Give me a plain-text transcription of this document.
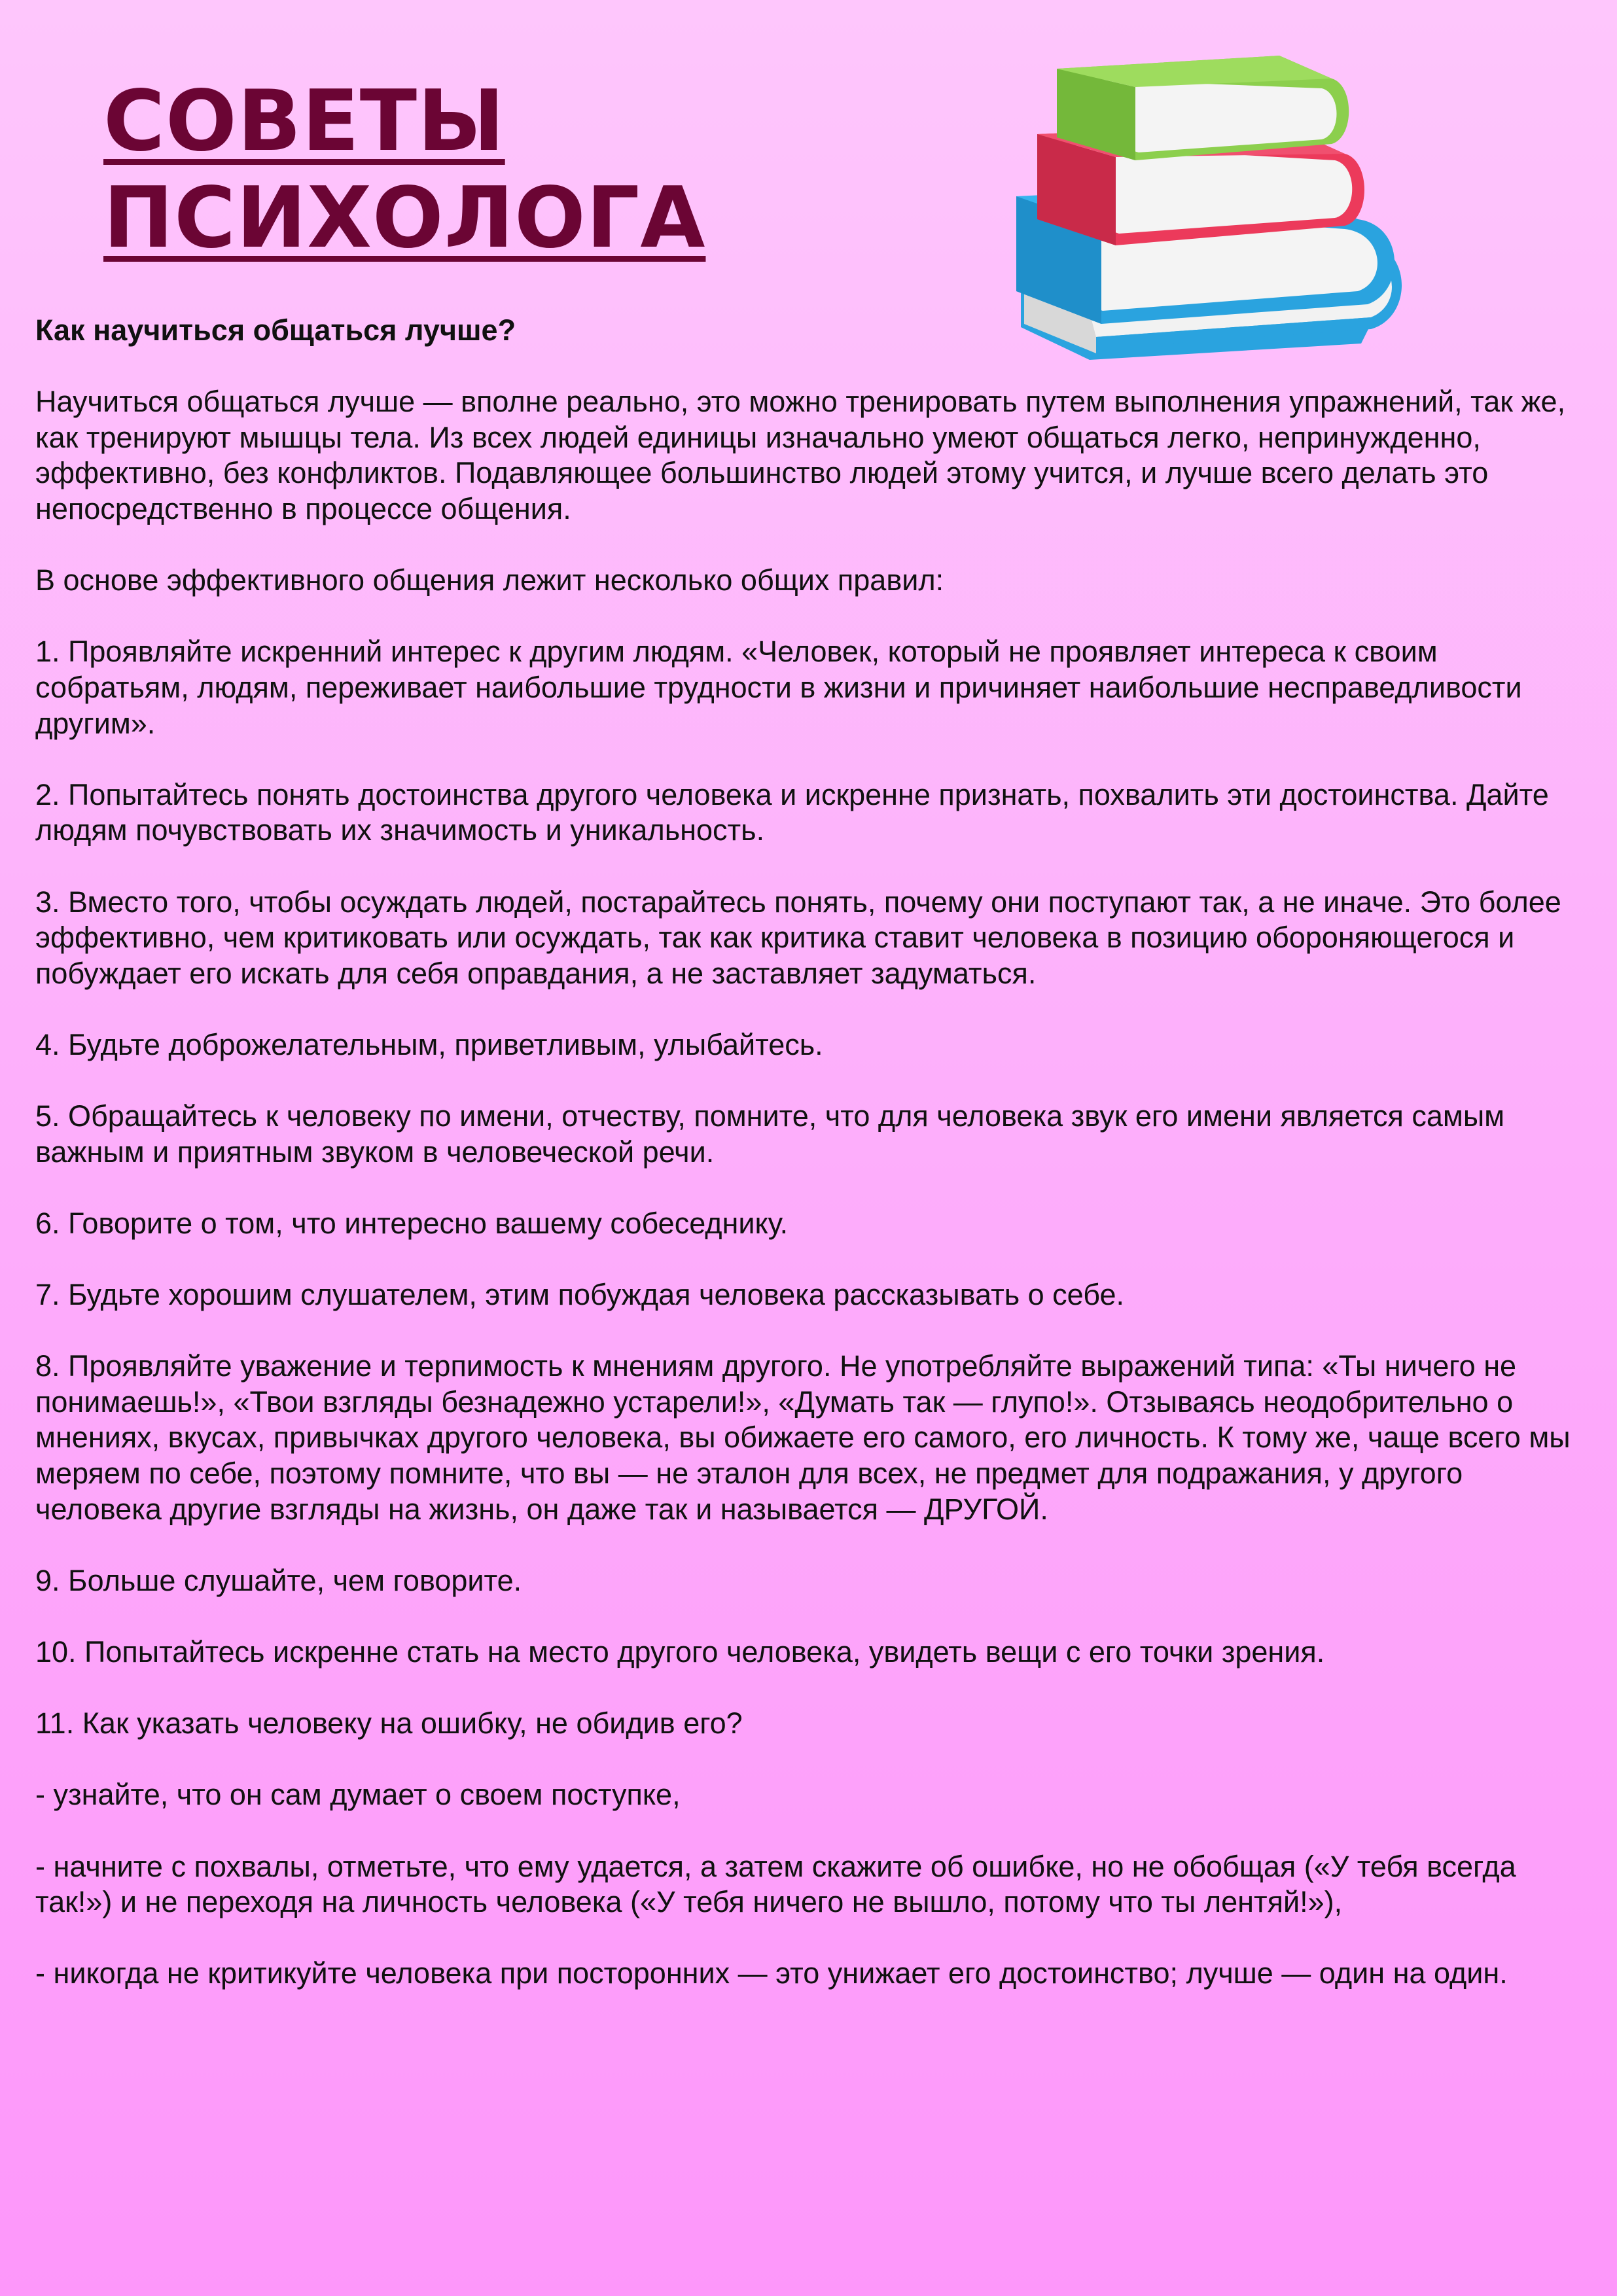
СОВЕТЫ
ПСИХОЛОГА

Как научиться общаться лучше?

Научиться общаться лучше — вполне реально, это можно тренировать путем выполнения упражнений, так же, как тренируют мышцы тела. Из всех людей единицы изначально умеют общаться легко, непринужденно, эффективно, без конфликтов. Подавляющее большинство людей этому учится, и лучше всего делать это непосредственно в процессе общения.

В основе эффективного общения лежит несколько общих правил:

1. Проявляйте искренний интерес к другим людям. «Человек, который не проявляет интереса к своим собратьям, людям, переживает наибольшие трудности в жизни и причиняет наибольшие несправедливости другим».

2. Попытайтесь понять достоинства другого человека и искренне признать, похвалить эти достоинства. Дайте людям почувствовать их значимость и уникальность.

3. Вместо того, чтобы осуждать людей, постарайтесь понять, почему они поступают так, а не иначе. Это более эффективно, чем критиковать или осуждать, так как критика ставит человека в позицию обороняющегося и побуждает его искать для себя оправдания, а не заставляет задуматься.

4. Будьте доброжелательным, приветливым, улыбайтесь.

5. Обращайтесь к человеку по имени, отчеству, помните, что для человека звук его имени является самым важным и приятным звуком в человеческой речи.

6. Говорите о том, что интересно вашему собеседнику.

7. Будьте хорошим слушателем, этим побуждая человека рассказывать о себе.

8. Проявляйте уважение и терпимость к мнениям другого. Не употребляйте выражений типа: «Ты ничего не понимаешь!», «Твои взгляды безнадежно устарели!», «Думать так — глупо!». Отзываясь неодобрительно о мнениях, вкусах, привычках другого человека, вы обижаете его самого, его личность. К тому же, чаще всего мы меряем по себе, поэтому помните, что вы — не эталон для всех, не предмет для подражания, у другого человека другие взгляды на жизнь, он даже так и называется — ДРУГОЙ.

9. Больше слушайте, чем говорите.

10. Попытайтесь искренне стать на место другого человека, увидеть вещи с его точки зрения.

11. Как указать человеку на ошибку, не обидив его?

- узнайте, что он сам думает о своем поступке,

- начните с похвалы, отметьте, что ему удается, а затем скажите об ошибке, но не обобщая («У тебя всегда так!») и не переходя на личность человека («У тебя ничего не вышло, потому что ты лентяй!»),

- никогда не критикуйте человека при посторонних — это унижает его достоинство; лучше — один на один.
